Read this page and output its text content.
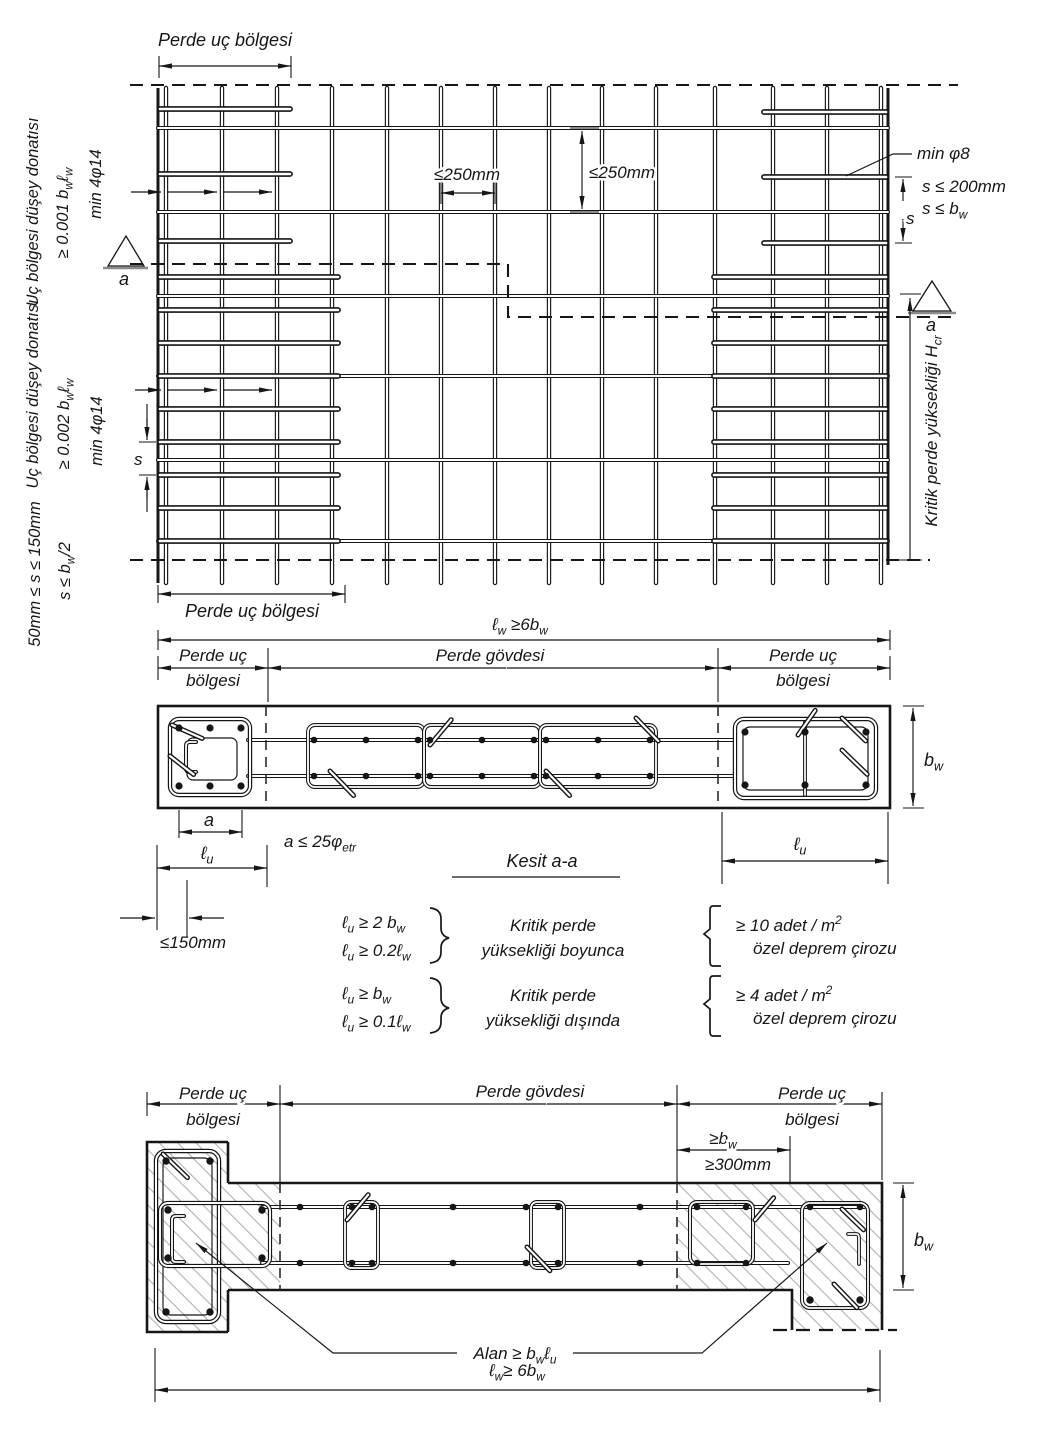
a
a
Perde uç bölgesi
Perde uç bölgesi
Uç bölgesi düşey donatısı ≥ 0.001 $b_w\ell_w$ min 4φ14
Uç bölgesi düşey donatısı ≥ 0.002 $b_w\ell_w$
min 4φ14
50mm ≤ s ≤ 150mm $s \le b_w/2$
s
s
min φ8
s ≤ 200mm
$s \le b_w$
≤250mm	≤250mm
Kritik perde yüksekliği $H_{cr}$
ℓ$_w$ $\ge 6b_w$
Perde uç
bölgesi
Perde gövdesi	Perde uç
bölgesi
$b_w$
a
ℓ$_u$
$a \le 25\varphi_{etr}$
Kesit a-a
ℓ$_u$
≤150mm
ℓ$_u$ ≥ 2 $b_w$
ℓ$_u$ ≥ 0.2ℓ$_w$
Kritik perde
yüksekliği boyunca
≥ 10 adet / $m^2$
özel deprem çirozu
ℓ$_u$ ≥ $b_w$
ℓ$_u$ ≥ 0.1ℓ$_w$
Kritik perde
yüksekliği dışında
≥ 4 adet / $m^2$
özel deprem çirozu
Perde uç
bölgesi
Perde gövdesi	Perde uç
bölgesi
$\ge b_w$
≥300mm
$b_w$
Alan ≥ $b_w\ell_u$
ℓ$_w$≥ $6b_w$
